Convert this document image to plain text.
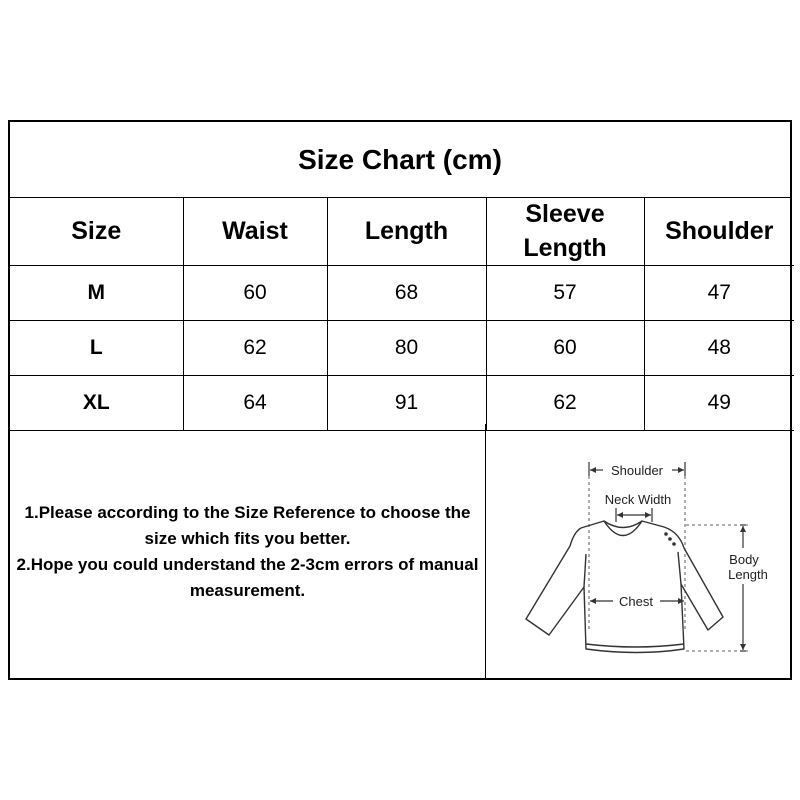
Size Chart (cm)
Size	Waist	Length	Sleeve Length	Shoulder
M	60	68	57	47
L	62	80	60	48
XL	64	91	62	49
1.Please according to the Size Reference to choose the size which fits you better.
2.Hope you could understand the 2-3cm errors of manual measurement.
Shoulder
Neck Width
Chest
Body
Length
